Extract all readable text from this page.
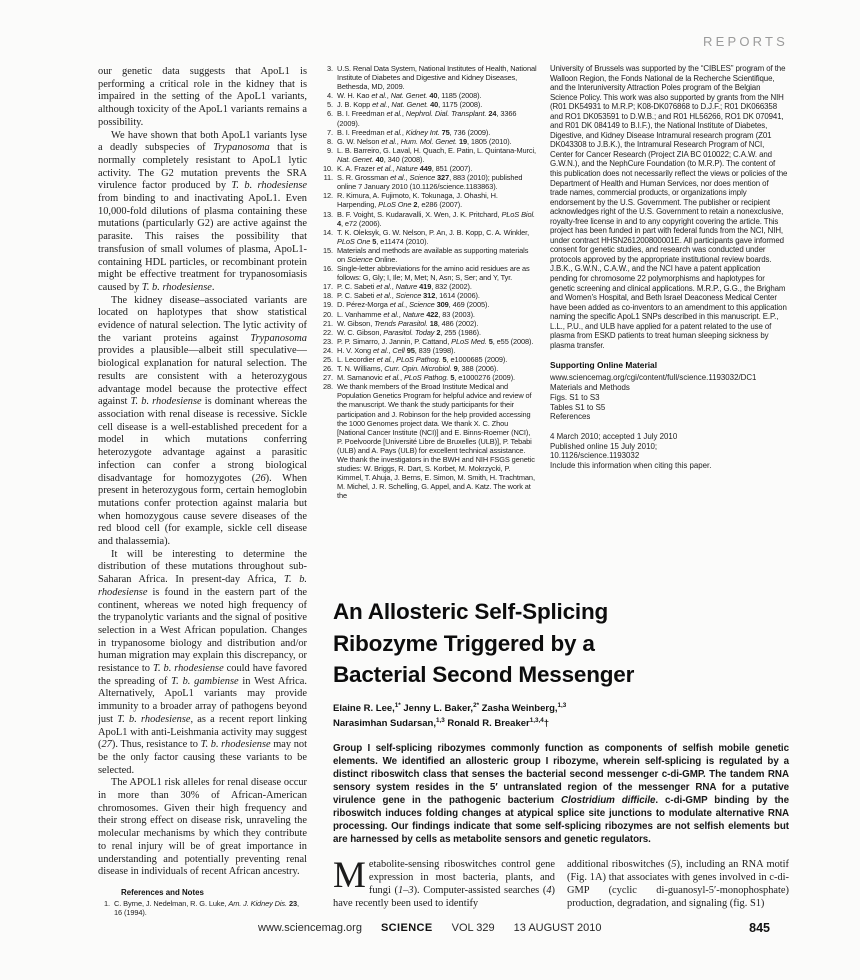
REPORTS

our genetic data suggests that ApoL1 is performing a critical role in the kidney that is impaired in the setting of the ApoL1 variants, although toxicity of the ApoL1 variants remains a possibility.

We have shown that both ApoL1 variants lyse a deadly subspecies of Trypanosoma that is normally completely resistant to ApoL1 lytic activity. The G2 mutation prevents the SRA virulence factor produced by T. b. rhodesiense from binding to and inactivating ApoL1. Even 10,000-fold dilutions of plasma containing these mutations (particularly G2) are active against the parasite. This raises the possibility that transfusion of small volumes of plasma, ApoL1-containing HDL particles, or recombinant protein might be effective treatment for trypanosomiasis caused by T. b. rhodesiense.

The kidney disease–associated variants are located on haplotypes that show statistical evidence of natural selection. The lytic activity of the variant proteins against Trypanosoma provides a plausible—albeit still speculative—biological explanation for natural selection. The results are consistent with a heterozygous advantage model because the protective effect against T. b. rhodesiense is dominant whereas the association with renal disease is recessive. Sickle cell disease is a well-established precedent for a model in which mutations conferring heterozygote advantage against a parasitic infection can confer a strong biological disadvantage for homozygotes (26). When present in heterozygous form, certain hemoglobin mutations confer protection against malaria but when homozygous cause severe diseases of the red blood cell (for example, sickle cell disease and thalassemia).

It will be interesting to determine the distribution of these mutations throughout sub-Saharan Africa. In present-day Africa, T. b. rhodesiense is found in the eastern part of the continent, whereas we noted high frequency of the trypanolytic variants and the signal of positive selection in a West African population. Changes in trypanosome biology and distribution and/or human migration may explain this discrepancy, or resistance to T. b. rhodesiense could have favored the spreading of T. b. gambiense in West Africa. Alternatively, ApoL1 variants may provide immunity to a broader array of pathogens beyond just T. b. rhodesiense, as a recent report linking ApoL1 with anti-Leishmania activity may suggest (27). Thus, resistance to T. b. rhodesiense may not be the only factor causing these variants to be selected.

The APOL1 risk alleles for renal disease occur in more than 30% of African-American chromosomes. Given their high frequency and their strong effect on disease risk, unraveling the molecular mechanisms by which they contribute to renal injury will be of great importance in understanding and potentially preventing renal disease in individuals of recent African ancestry.

References and Notes
1. C. Byrne, J. Nedelman, R. G. Luke, Am. J. Kidney Dis. 23, 16 (1994).
3. U.S. Renal Data System, National Institutes of Health, National Institute of Diabetes and Digestive and Kidney Diseases, Bethesda, MD, 2009.
4. W. H. Kao et al., Nat. Genet. 40, 1185 (2008).
5. J. B. Kopp et al., Nat. Genet. 40, 1175 (2008).
6. B. I. Freedman et al., Nephrol. Dial. Transplant. 24, 3366 (2009).
7. B. I. Freedman et al., Kidney Int. 75, 736 (2009).
8. G. W. Nelson et al., Hum. Mol. Genet. 19, 1805 (2010).
9. L. B. Barreiro, G. Laval, H. Quach, E. Patin, L. Quintana-Murci, Nat. Genet. 40, 340 (2008).
10. K. A. Frazer et al., Nature 449, 851 (2007).
11. S. R. Grossman et al., Science 327, 883 (2010); published online 7 January 2010 (10.1126/science.1183863).
12. R. Kimura, A. Fujimoto, K. Tokunaga, J. Ohashi, H. Harpending, PLoS One 2, e286 (2007).
13. B. F. Voight, S. Kudaravalli, X. Wen, J. K. Pritchard, PLoS Biol. 4, e72 (2006).
14. T. K. Oleksyk, G. W. Nelson, P. An, J. B. Kopp, C. A. Winkler, PLoS One 5, e11474 (2010).
15. Materials and methods are available as supporting materials on Science Online.
16. Single-letter abbreviations for the amino acid residues are as follows: G, Gly; I, Ile; M, Met; N, Asn; S, Ser; and Y, Tyr.
17. P. C. Sabeti et al., Nature 419, 832 (2002).
18. P. C. Sabeti et al., Science 312, 1614 (2006).
19. D. Pérez-Morga et al., Science 309, 469 (2005).
20. L. Vanhamme et al., Nature 422, 83 (2003).
21. W. Gibson, Trends Parasitol. 18, 486 (2002).
22. W. C. Gibson, Parasitol. Today 2, 255 (1986).
23. P. P. Simarro, J. Jannin, P. Cattand, PLoS Med. 5, e55 (2008).
24. H. V. Xong et al., Cell 95, 839 (1998).
25. L. Lecordier et al., PLoS Pathog. 5, e1000685 (2009).
26. T. N. Williams, Curr. Opin. Microbiol. 9, 388 (2006).
27. M. Samanovic et al., PLoS Pathog. 5, e1000276 (2009).
28. We thank members of the Broad Institute Medical and Population Genetics Program for helpful advice and review of the manuscript. We thank the study participants for their participation and J. Robinson for the help provided accessing the 1000 Genomes project data. We thank X. C. Zhou [National Cancer Institute (NCI)] and E. Binns-Roemer (NCI), P. Poelvoorde [Université Libre de Bruxelles (ULB)], P. Tebabi (ULB) and A. Pays (ULB) for excellent technical assistance. We thank the investigators in the BWH and NIH FSGS genetic studies: W. Briggs, R. Dart, S. Korbet, M. Mokrzycki, P. Kimmel, T. Ahuja, J. Berns, E. Simon, M. Smith, H. Trachtman, M. Michel, J. R. Schelling, G. Appel, and A. Katz. The work at the
University of Brussels was supported by the “CIBLES” program of the Walloon Region, the Fonds National de la Recherche Scientifique, and the Interuniversity Attraction Poles program of the Belgian Science Policy. This work was also supported by grants from the NIH (R01 DK54931 to M.R.P; K08-DK076868 to D.J.F.; R01 DK066358 and RO1 DK053591 to D.W.B.; and R01 HL56266, RO1 DK 070941, and R01 DK 084149 to B.I.F.), the National Institute of Diabetes, Digestive, and Kidney Disease Intramural research program (Z01 DK043308 to J.B.K.), the Intramural Research Program of NCI, Center for Cancer Research (Project ZIA BC 010022; C.A.W. and G.W.N.), and the NephCure Foundation (to M.R.P). The content of this publication does not necessarily reflect the views or policies of the Department of Health and Human Services, nor does mention of trade names, commercial products, or organizations imply endorsement by the U.S. Government. The publisher or recipient acknowledges right of the U.S. Government to retain a nonexclusive, royalty-free license in and to any copyright covering the article. This project has been funded in part with federal funds from the NCI, NIH, under contract HHSN261200800001E. All participants gave informed consent for genetic studies, and research was conducted under protocols approved by the appropriate institutional review boards. J.B.K., G.W.N., C.A.W., and the NCI have a patent application pending for chromosome 22 polymorphisms and haplotypes for genetic screening and clinical applications. M.R.P., G.G., the Brigham and Women’s Hospital, and Beth Israel Deaconess Medical Center have been added as co-inventors to an amendment to this application naming the specific ApoL1 SNPs described in this manuscript. E.P., L.L., P.U., and ULB have applied for a patent related to the use of plasma from ESKD patients to treat human sleeping sickness by plasma transfer.
Supporting Online Material
www.sciencemag.org/cgi/content/full/science.1193032/DC1
Materials and Methods
Figs. S1 to S3
Tables S1 to S5
References
4 March 2010; accepted 1 July 2010
Published online 15 July 2010;
10.1126/science.1193032
Include this information when citing this paper.
An Allosteric Self-Splicing
Ribozyme Triggered by a
Bacterial Second Messenger
Elaine R. Lee,$^{1*}$ Jenny L. Baker,$^{2*}$ Zasha Weinberg,$^{1,3}$
Narasimhan Sudarsan,$^{1,3}$ Ronald R. Breaker$^{1,3,4}$†

Group I self-splicing ribozymes commonly function as components of selfish mobile genetic elements. We identified an allosteric group I ribozyme, wherein self-splicing is regulated by a distinct riboswitch class that senses the bacterial second messenger c-di-GMP. The tandem RNA sensory system resides in the 5′ untranslated region of the messenger RNA for a putative virulence gene in the pathogenic bacterium Clostridium difficile. c-di-GMP binding by the riboswitch induces folding changes at atypical splice site junctions to modulate alternative RNA processing. Our findings indicate that some self-splicing ribozymes are not selfish elements but are harnessed by cells as metabolite sensors and genetic regulators.

Metabolite-sensing riboswitches control gene expression in most bacteria, plants, and fungi (1–3). Computer-assisted searches (4) have recently been used to identify
additional riboswitches (5), including an RNA motif (Fig. 1A) that associates with genes involved in c-di-GMP (cyclic di-guanosyl-5′-monophosphate) production, degradation, and signaling (fig. S1)
www.sciencemag.org SCIENCE VOL 329 13 AUGUST 2010	845
